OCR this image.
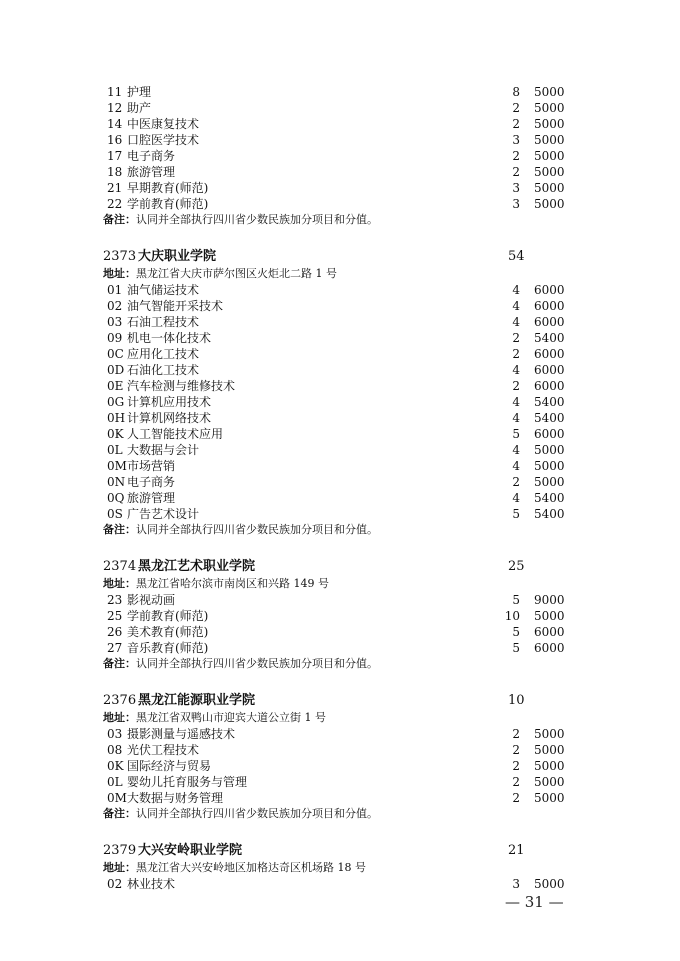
11 护理	8 5000
12 助产	2 5000
14 中医康复技术	2 5000
16 口腔医学技术	3 5000
17 电子商务	2 5000
18 旅游管理	2 5000
21 早期教育(师范)	3 5000
22 学前教育(师范)	3 5000
备注：认同并全部执行四川省少数民族加分项目和分值。
2373 大庆职业学院	54
地址：黑龙江省大庆市萨尔图区火炬北二路 1 号
01 油气储运技术	4 6000
02 油气智能开采技术	4 6000
03 石油工程技术	4 6000
09 机电一体化技术	2 5400
0C 应用化工技术	2 6000
0D 石油化工技术	4 6000
0E 汽车检测与维修技术	2 6000
0G 计算机应用技术	4 5400
0H 计算机网络技术	4 5400
0K 人工智能技术应用	5 6000
0L 大数据与会计	4 5000
0M 市场营销	4 5000
0N 电子商务	2 5000
0Q 旅游管理	4 5400
0S 广告艺术设计	5 5400
备注：认同并全部执行四川省少数民族加分项目和分值。
2374 黑龙江艺术职业学院	25
地址：黑龙江省哈尔滨市南岗区和兴路 149 号
23 影视动画	5 9000
25 学前教育(师范)	10 5000
26 美术教育(师范)	5 6000
27 音乐教育(师范)	5 6000
备注：认同并全部执行四川省少数民族加分项目和分值。
2376 黑龙江能源职业学院	10
地址：黑龙江省双鸭山市迎宾大道公立街 1 号
03 摄影测量与遥感技术	2 5000
08 光伏工程技术	2 5000
0K 国际经济与贸易	2 5000
0L 婴幼儿托育服务与管理	2 5000
0M 大数据与财务管理	2 5000
备注：认同并全部执行四川省少数民族加分项目和分值。
2379 大兴安岭职业学院	21
地址：黑龙江省大兴安岭地区加格达奇区机场路 18 号
02 林业技术	3 5000
— 31 —
